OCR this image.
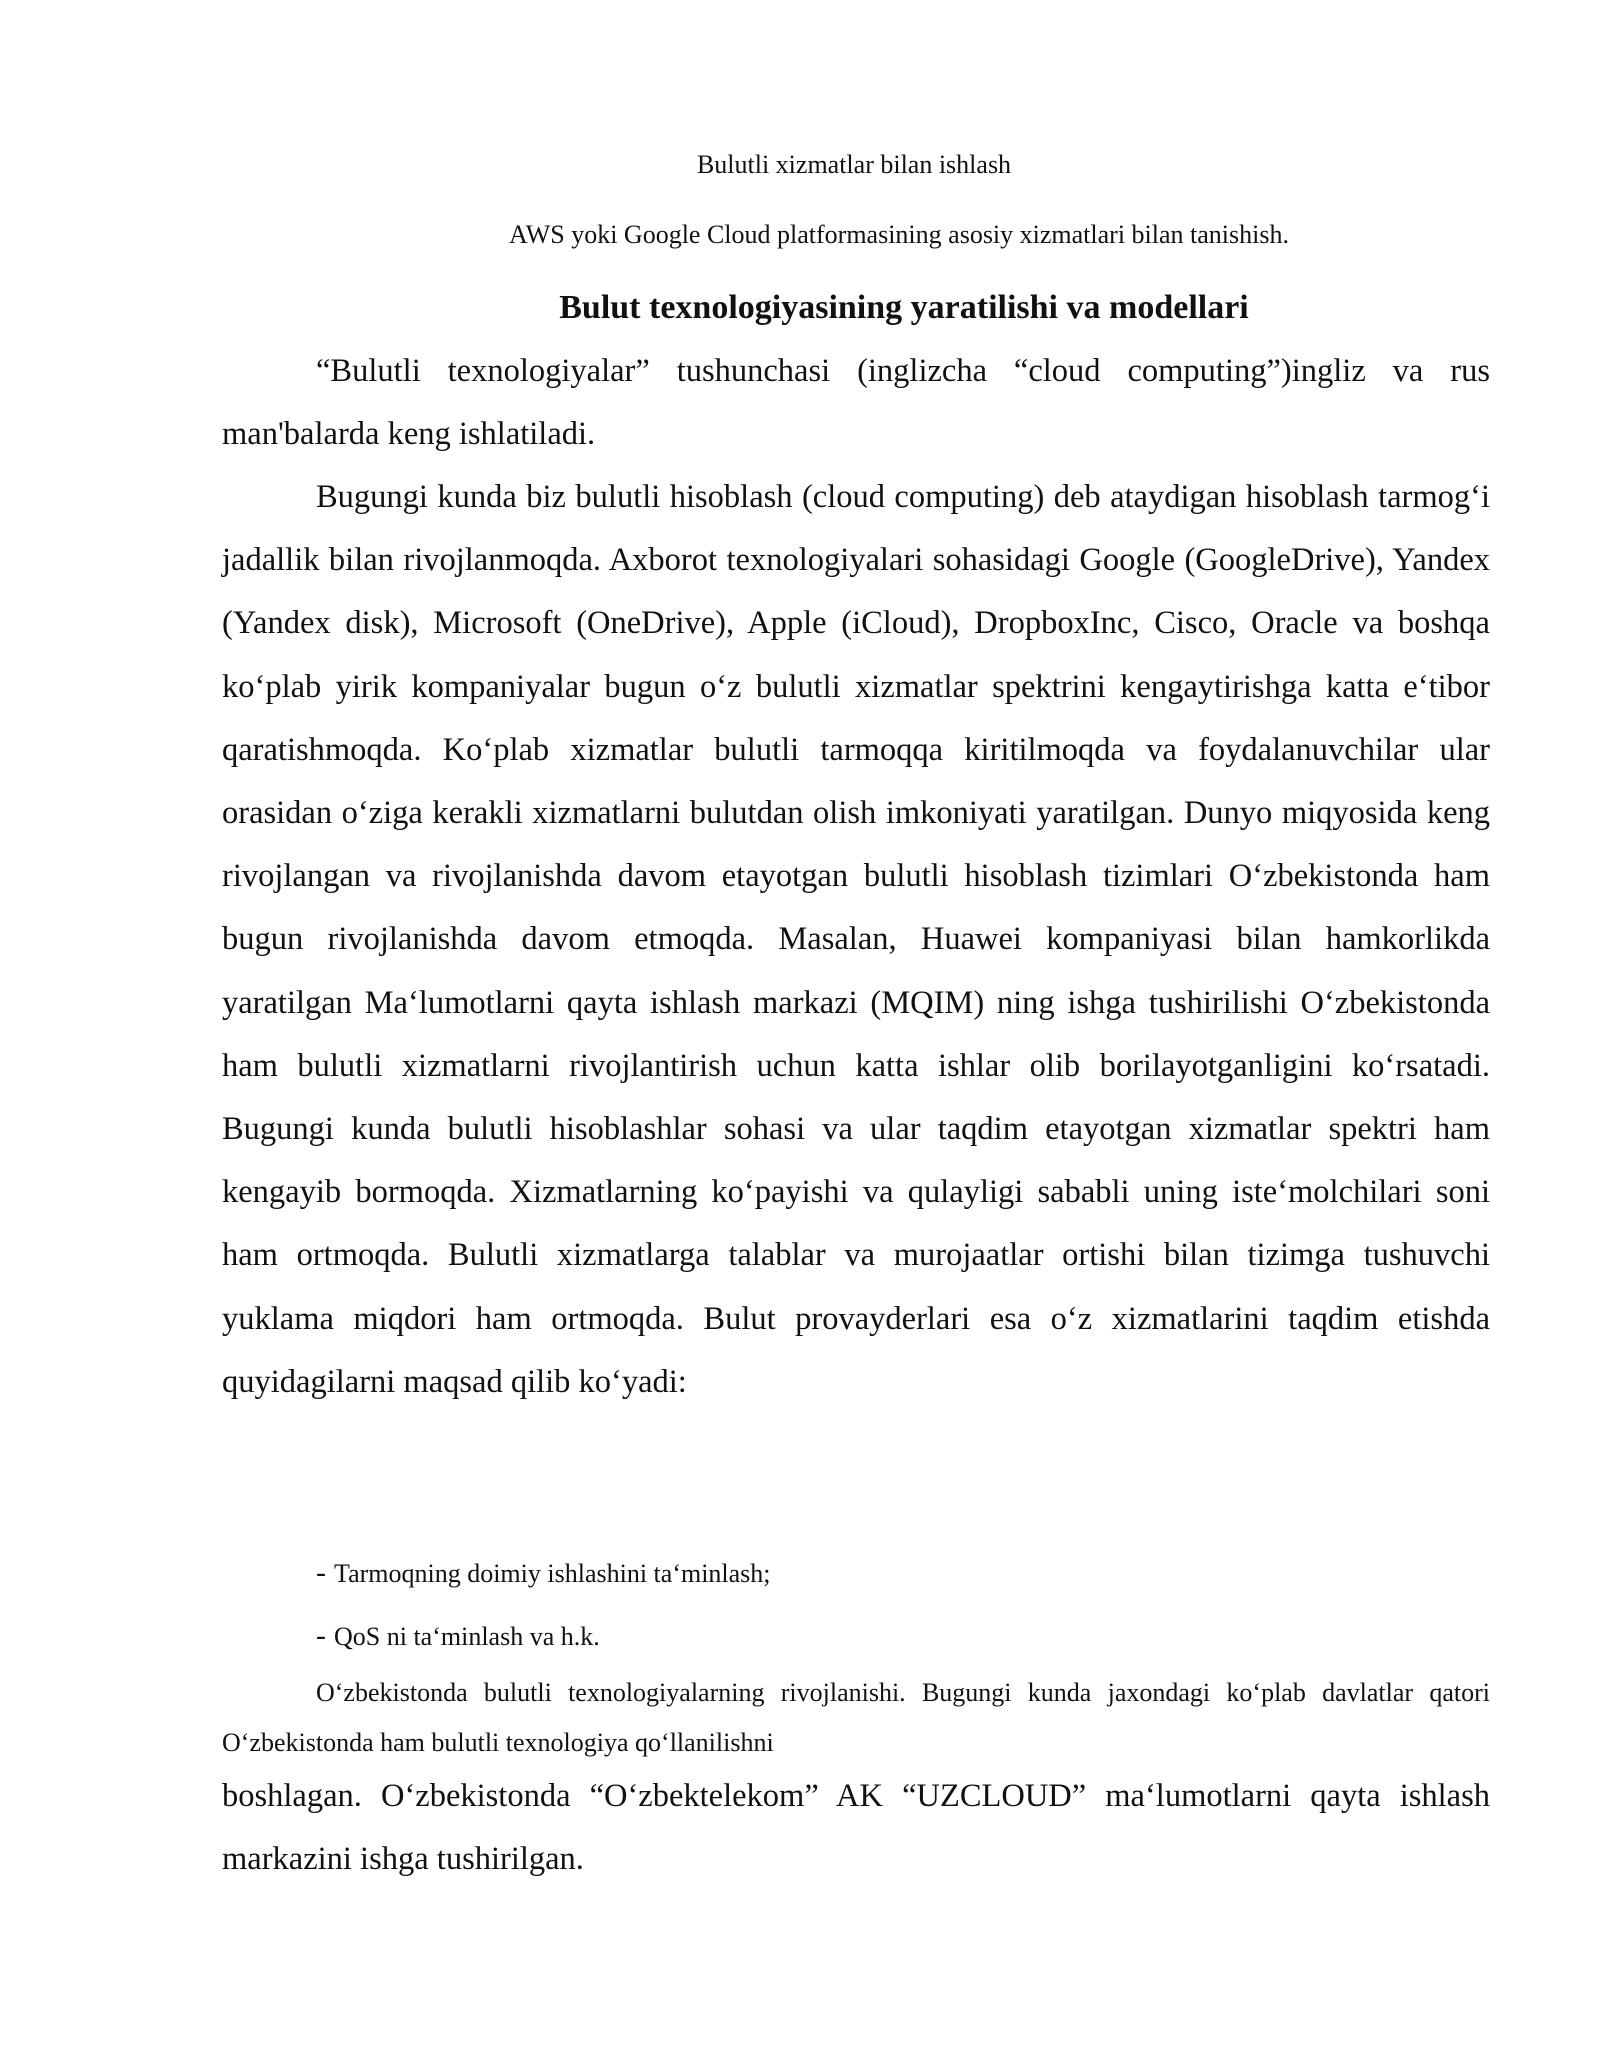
Bulutli xizmatlar bilan ishlash
AWS yoki Google Cloud platformasining asosiy xizmatlari bilan tanishish.
Bulut texnologiyasining yaratilishi va modellari
“Bulutli texnologiyalar” tushunchasi (inglizcha “cloud computing”)ingliz va rus man'balarda keng ishlatiladi.
Bugungi kunda biz bulutli hisoblash (cloud computing) deb ataydigan hisoblash tarmog‘i jadallik bilan rivojlanmoqda. Axborot texnologiyalari sohasidagi Google (GoogleDrive), Yandex (Yandex disk), Microsoft (OneDrive), Apple (iCloud), DropboxInc, Cisco, Oracle va boshqa ko‘plab yirik kompaniyalar bugun o‘z bulutli xizmatlar spektrini kengaytirishga katta e‘tibor qaratishmoqda. Ko‘plab xizmatlar bulutli tarmoqqa kiritilmoqda va foydalanuvchilar ular orasidan o‘ziga kerakli xizmatlarni bulutdan olish imkoniyati yaratilgan. Dunyo miqyosida keng rivojlangan va rivojlanishda davom etayotgan bulutli hisoblash tizimlari O‘zbekistonda ham bugun rivojlanishda davom etmoqda. Masalan, Huawei kompaniyasi bilan hamkorlikda yaratilgan Ma‘lumotlarni qayta ishlash markazi (MQIM) ning ishga tushirilishi O‘zbekistonda ham bulutli xizmatlarni rivojlantirish uchun katta ishlar olib borilayotganligini ko‘rsatadi. Bugungi kunda bulutli hisoblashlar sohasi va ular taqdim etayotgan xizmatlar spektri ham kengayib bormoqda. Xizmatlarning ko‘payishi va qulayligi sababli uning iste‘molchilari soni ham ortmoqda. Bulutli xizmatlarga talablar va murojaatlar ortishi bilan tizimga tushuvchi yuklama miqdori ham ortmoqda. Bulut provayderlari esa o‘z xizmatlarini taqdim etishda quyidagilarni maqsad qilib ko‘yadi:
- Tarmoqning doimiy ishlashini ta‘minlash;
- QoS ni ta‘minlash va h.k.
O‘zbekistonda bulutli texnologiyalarning rivojlanishi. Bugungi kunda jaxondagi ko‘plab davlatlar qatori O‘zbekistonda ham bulutli texnologiya qo‘llanilishni
boshlagan. O‘zbekistonda “O‘zbektelekom” AK “UZCLOUD” ma‘lumotlarni qayta ishlash markazini ishga tushirilgan.
